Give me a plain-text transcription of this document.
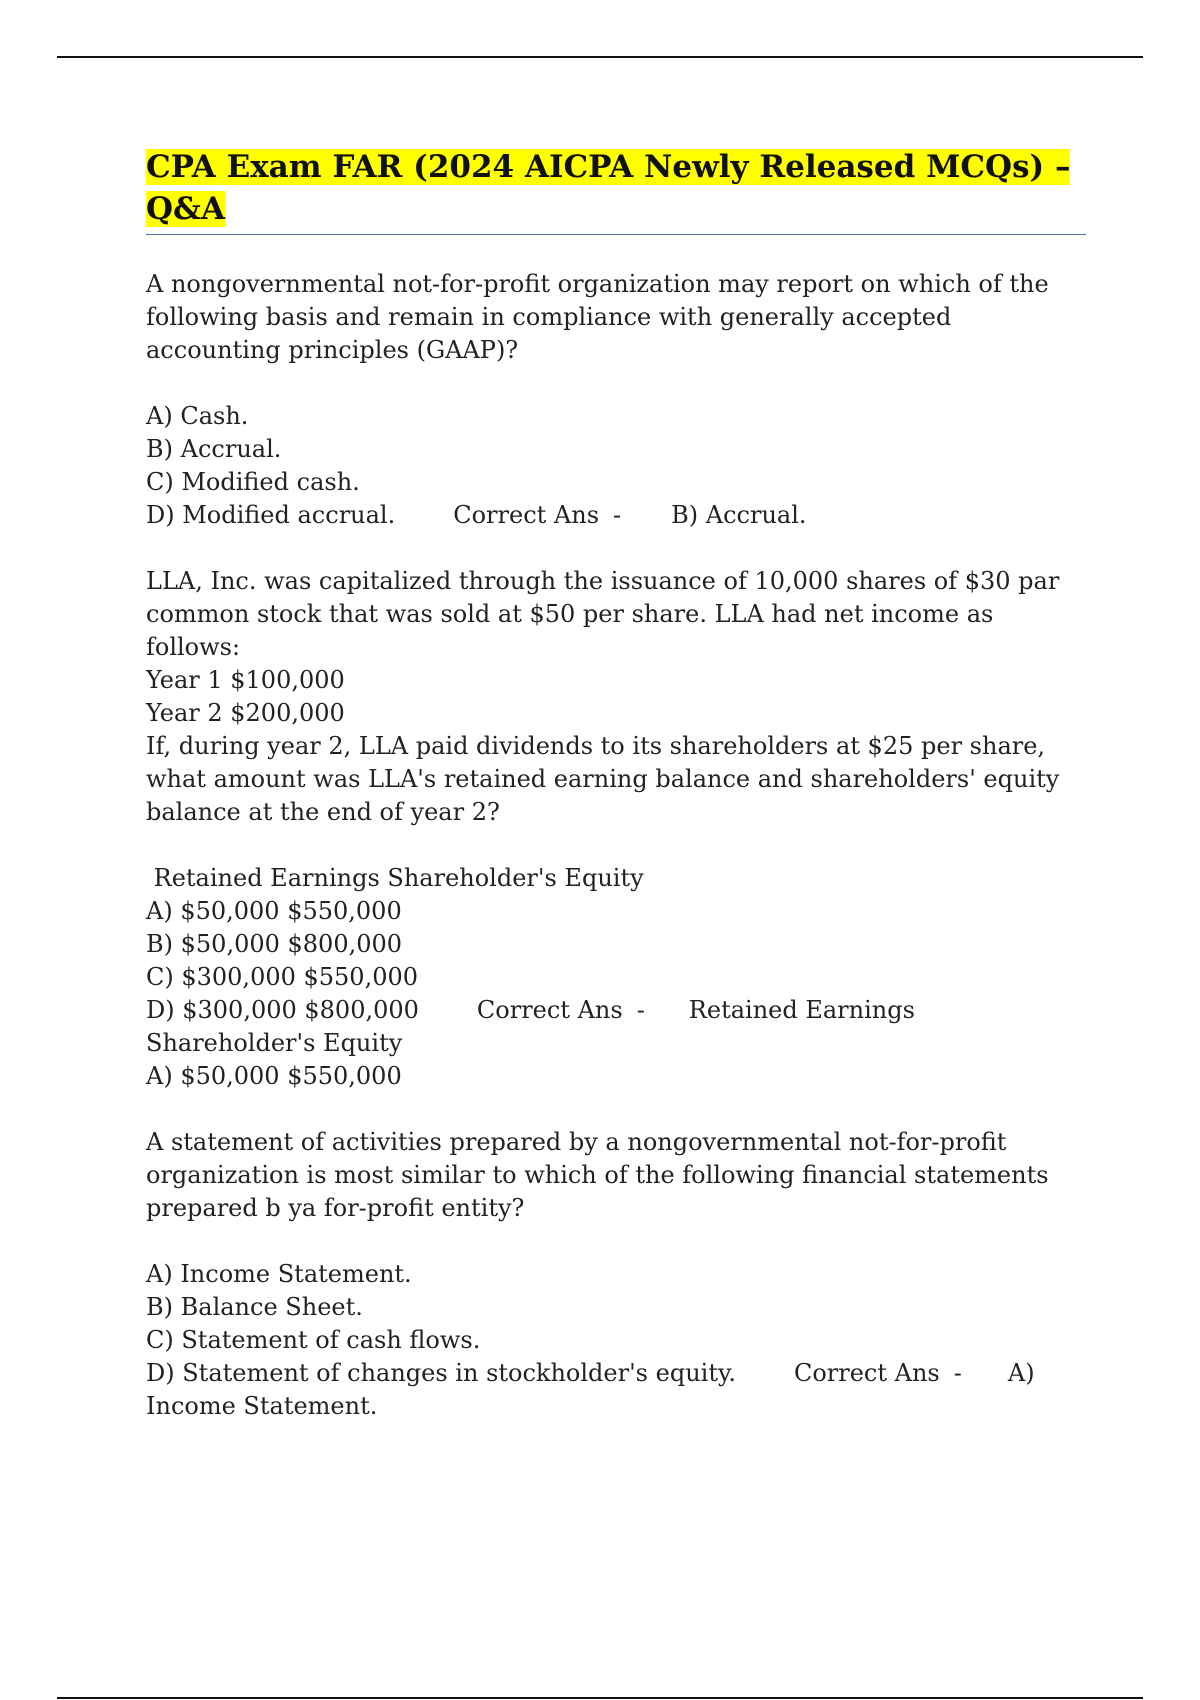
CPA Exam FAR (2024 AICPA Newly Released MCQs) –
Q&A
A nongovernmental not-for-profit organization may report on which of the
following basis and remain in compliance with generally accepted
accounting principles (GAAP)?
A) Cash.
B) Accrual.
C) Modified cash.
D) Modified accrual. Correct Ans - B) Accrual.
LLA, Inc. was capitalized through the issuance of 10,000 shares of $30 par
common stock that was sold at $50 per share. LLA had net income as
follows:
Year 1 $100,000
Year 2 $200,000
If, during year 2, LLA paid dividends to its shareholders at $25 per share,
what amount was LLA's retained earning balance and shareholders' equity
balance at the end of year 2?
Retained Earnings Shareholder's Equity
A) $50,000 $550,000
B) $50,000 $800,000
C) $300,000 $550,000
D) $300,000 $800,000 Correct Ans - Retained Earnings
Shareholder's Equity
A) $50,000 $550,000
A statement of activities prepared by a nongovernmental not-for-profit
organization is most similar to which of the following financial statements
prepared b ya for-profit entity?
A) Income Statement.
B) Balance Sheet.
C) Statement of cash flows.
D) Statement of changes in stockholder's equity. Correct Ans - A)
Income Statement.
